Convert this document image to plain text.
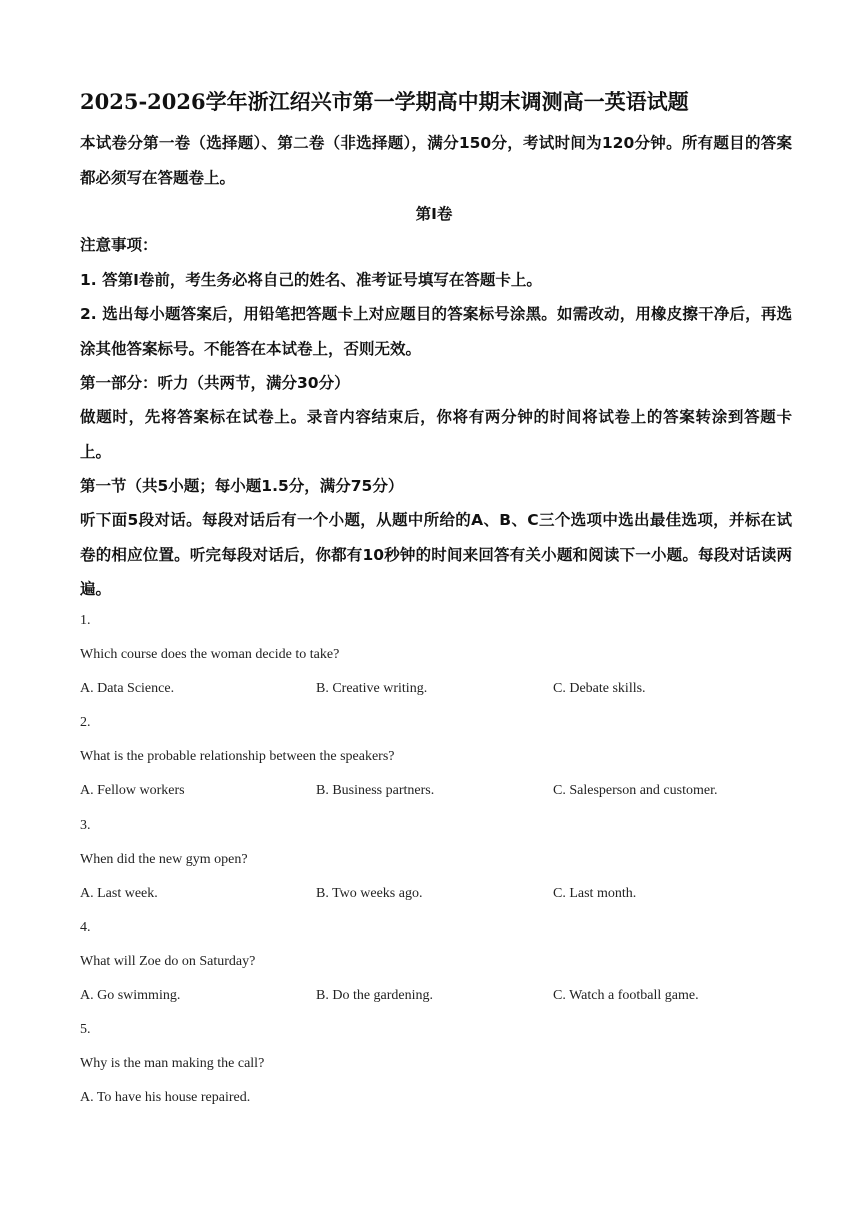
2025-2026学年浙江绍兴市第一学期高中期末调测高一英语试题
本试卷分第一卷（选择题）、第二卷（非选择题），满分150分，考试时间为120分钟。所有题目的答案都必须写在答题卷上。
第Ⅰ卷
注意事项：
1. 答第Ⅰ卷前，考生务必将自己的姓名、准考证号填写在答题卡上。
2. 选出每小题答案后，用铅笔把答题卡上对应题目的答案标号涂黑。如需改动，用橡皮擦干净后，再选涂其他答案标号。不能答在本试卷上，否则无效。
第一部分：听力（共两节，满分30分）
做题时，先将答案标在试卷上。录音内容结束后，你将有两分钟的时间将试卷上的答案转涂到答题卡上。
第一节（共5小题；每小题1.5分，满分75分）
听下面5段对话。每段对话后有一个小题，从题中所给的A、B、C三个选项中选出最佳选项，并标在试卷的相应位置。听完每段对话后，你都有10秒钟的时间来回答有关小题和阅读下一小题。每段对话读两遍。
1.
Which course does the woman decide to take?
A. Data Science.	B. Creative writing.	C. Debate skills.
2.
What is the probable relationship between the speakers?
A. Fellow workers	B. Business partners.	C. Salesperson and customer.
3.
When did the new gym open?
A. Last week.	B. Two weeks ago.	C. Last month.
4.
What will Zoe do on Saturday?
A. Go swimming.	B. Do the gardening.	C. Watch a football game.
5.
Why is the man making the call?
A. To have his house repaired.
